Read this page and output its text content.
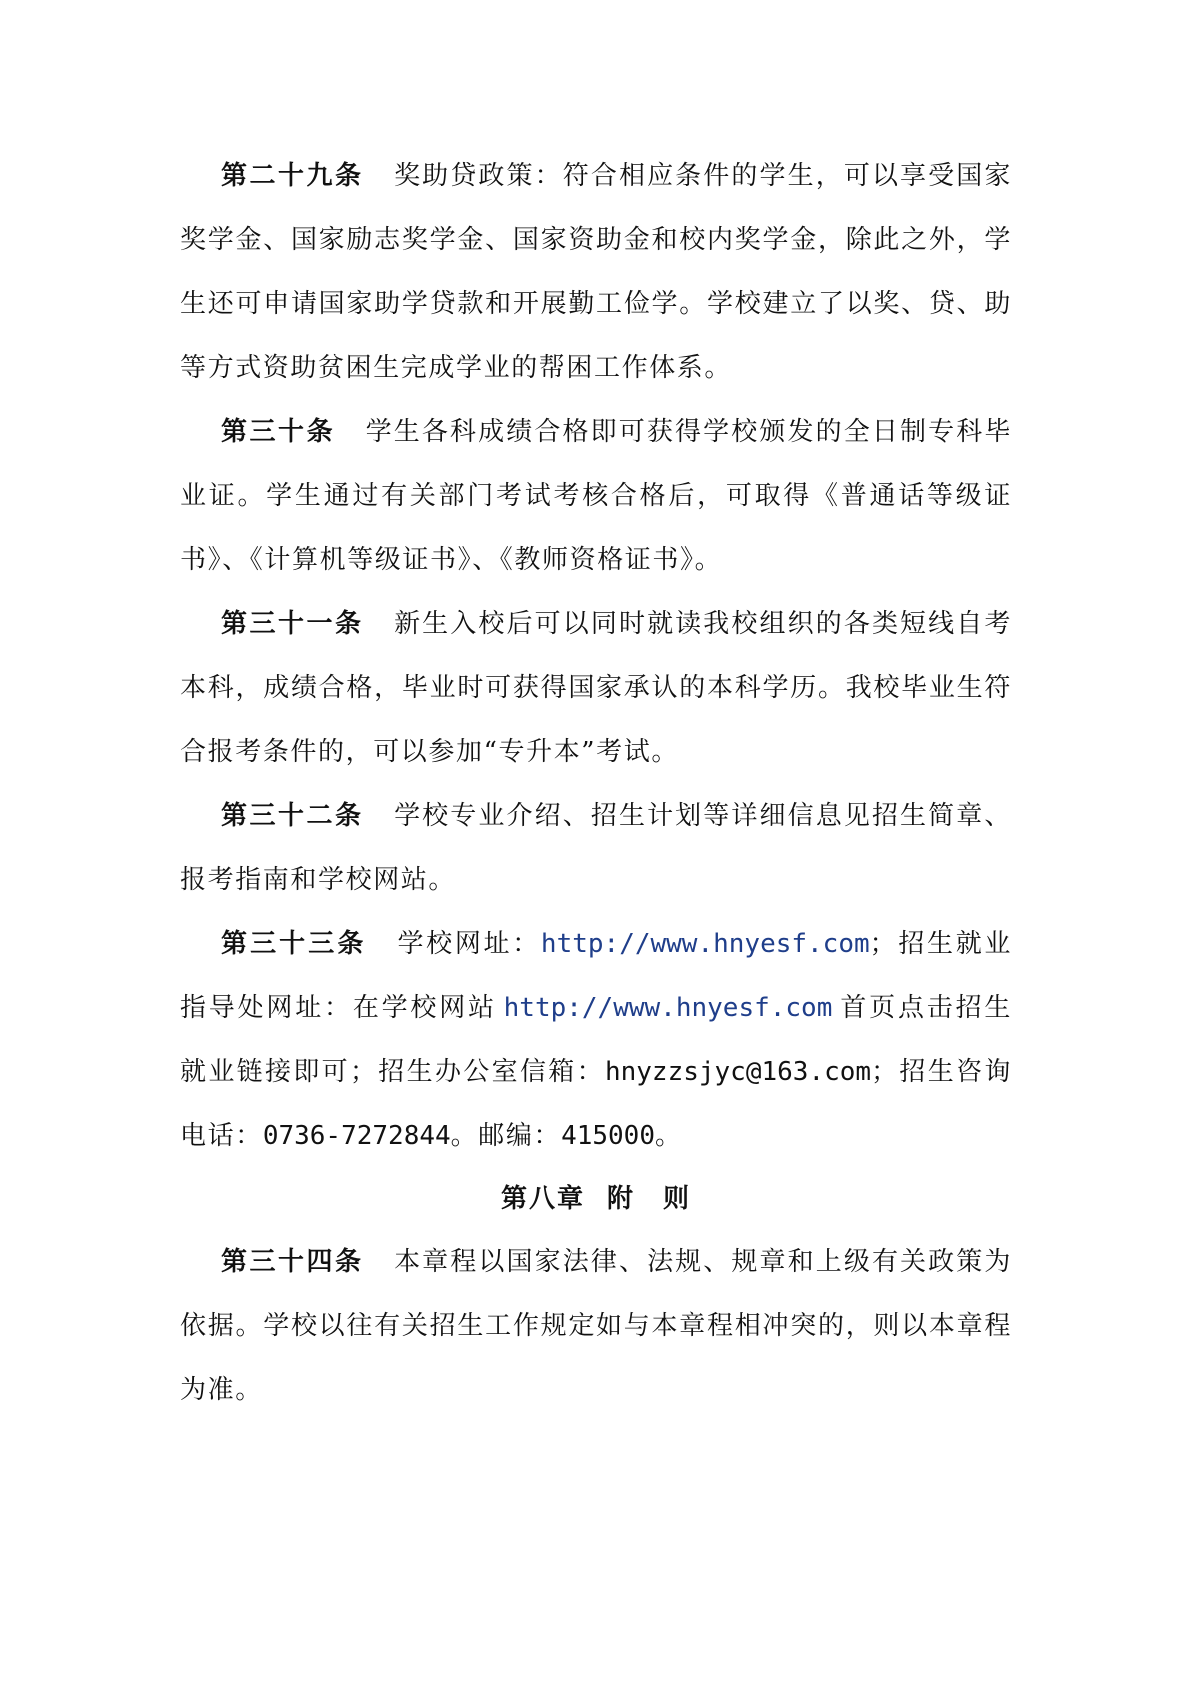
第二十九条 奖助贷政策：符合相应条件的学生，可以享受国家奖学金、国家励志奖学金、国家资助金和校内奖学金，除此之外，学生还可申请国家助学贷款和开展勤工俭学。学校建立了以奖、贷、助等方式资助贫困生完成学业的帮困工作体系。

第三十条 学生各科成绩合格即可获得学校颁发的全日制专科毕业证。学生通过有关部门考试考核合格后，可取得《普通话等级证书》、《计算机等级证书》、《教师资格证书》。

第三十一条 新生入校后可以同时就读我校组织的各类短线自考本科，成绩合格，毕业时可获得国家承认的本科学历。我校毕业生符合报考条件的，可以参加“专升本”考试。

第三十二条 学校专业介绍、招生计划等详细信息见招生简章、报考指南和学校网站。

第三十三条 学校网址：http://www.hnyesf.com；招生就业指导处网址：在学校网站  http://www.hnyesf.com  首页点击招生就业链接即可；招生办公室信箱：hnyzzsjyc@163.com；招生咨询电话：0736-7272844。邮编：415000。

第八章 附　则

第三十四条 本章程以国家法律、法规、规章和上级有关政策为依据。学校以往有关招生工作规定如与本章程相冲突的，则以本章程为准。
